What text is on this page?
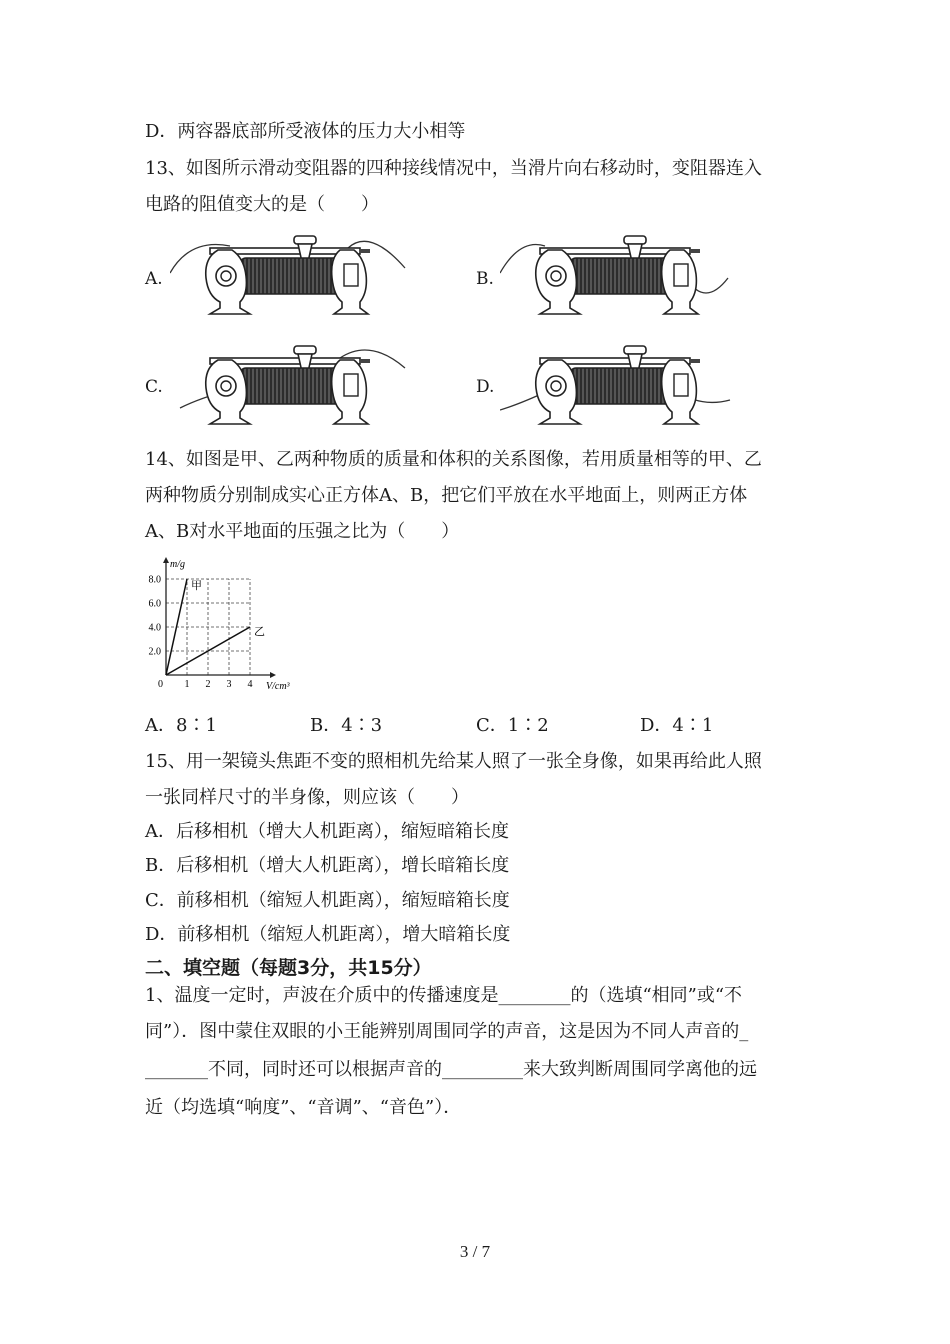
D．两容器底部所受液体的压力大小相等
13、如图所示滑动变阻器的四种接线情况中，当滑片向右移动时，变阻器连入
电路的阻值变大的是（　　）
A.	B.
C.	D.
14、如图是甲、乙两种物质的质量和体积的关系图像，若用质量相等的甲、乙
两种物质分别制成实心正方体A、B，把它们平放在水平地面上，则两正方体
A、B对水平地面的压强之比为（　　）
甲
乙
1 2 3 4
2.0
4.0
6.0
8.0
m/g
V/cm³
0
A．8∶1	B．4∶3	C．1∶2	D．4∶1
15、用一架镜头焦距不变的照相机先给某人照了一张全身像，如果再给此人照
一张同样尺寸的半身像，则应该（　　）
A．后移相机（增大人机距离），缩短暗箱长度
B．后移相机（增大人机距离），增长暗箱长度
C．前移相机（缩短人机距离），缩短暗箱长度
D．前移相机（缩短人机距离），增大暗箱长度
二、填空题（每题3分，共15分）
1、温度一定时，声波在介质中的传播速度是________的（选填“相同”或“不
同”）．图中蒙住双眼的小王能辨别周围同学的声音，这是因为不同人声音的_
_______不同，同时还可以根据声音的_________来大致判断周围同学离他的远
近（均选填“响度”、“音调”、“音色”）．
3 / 7
